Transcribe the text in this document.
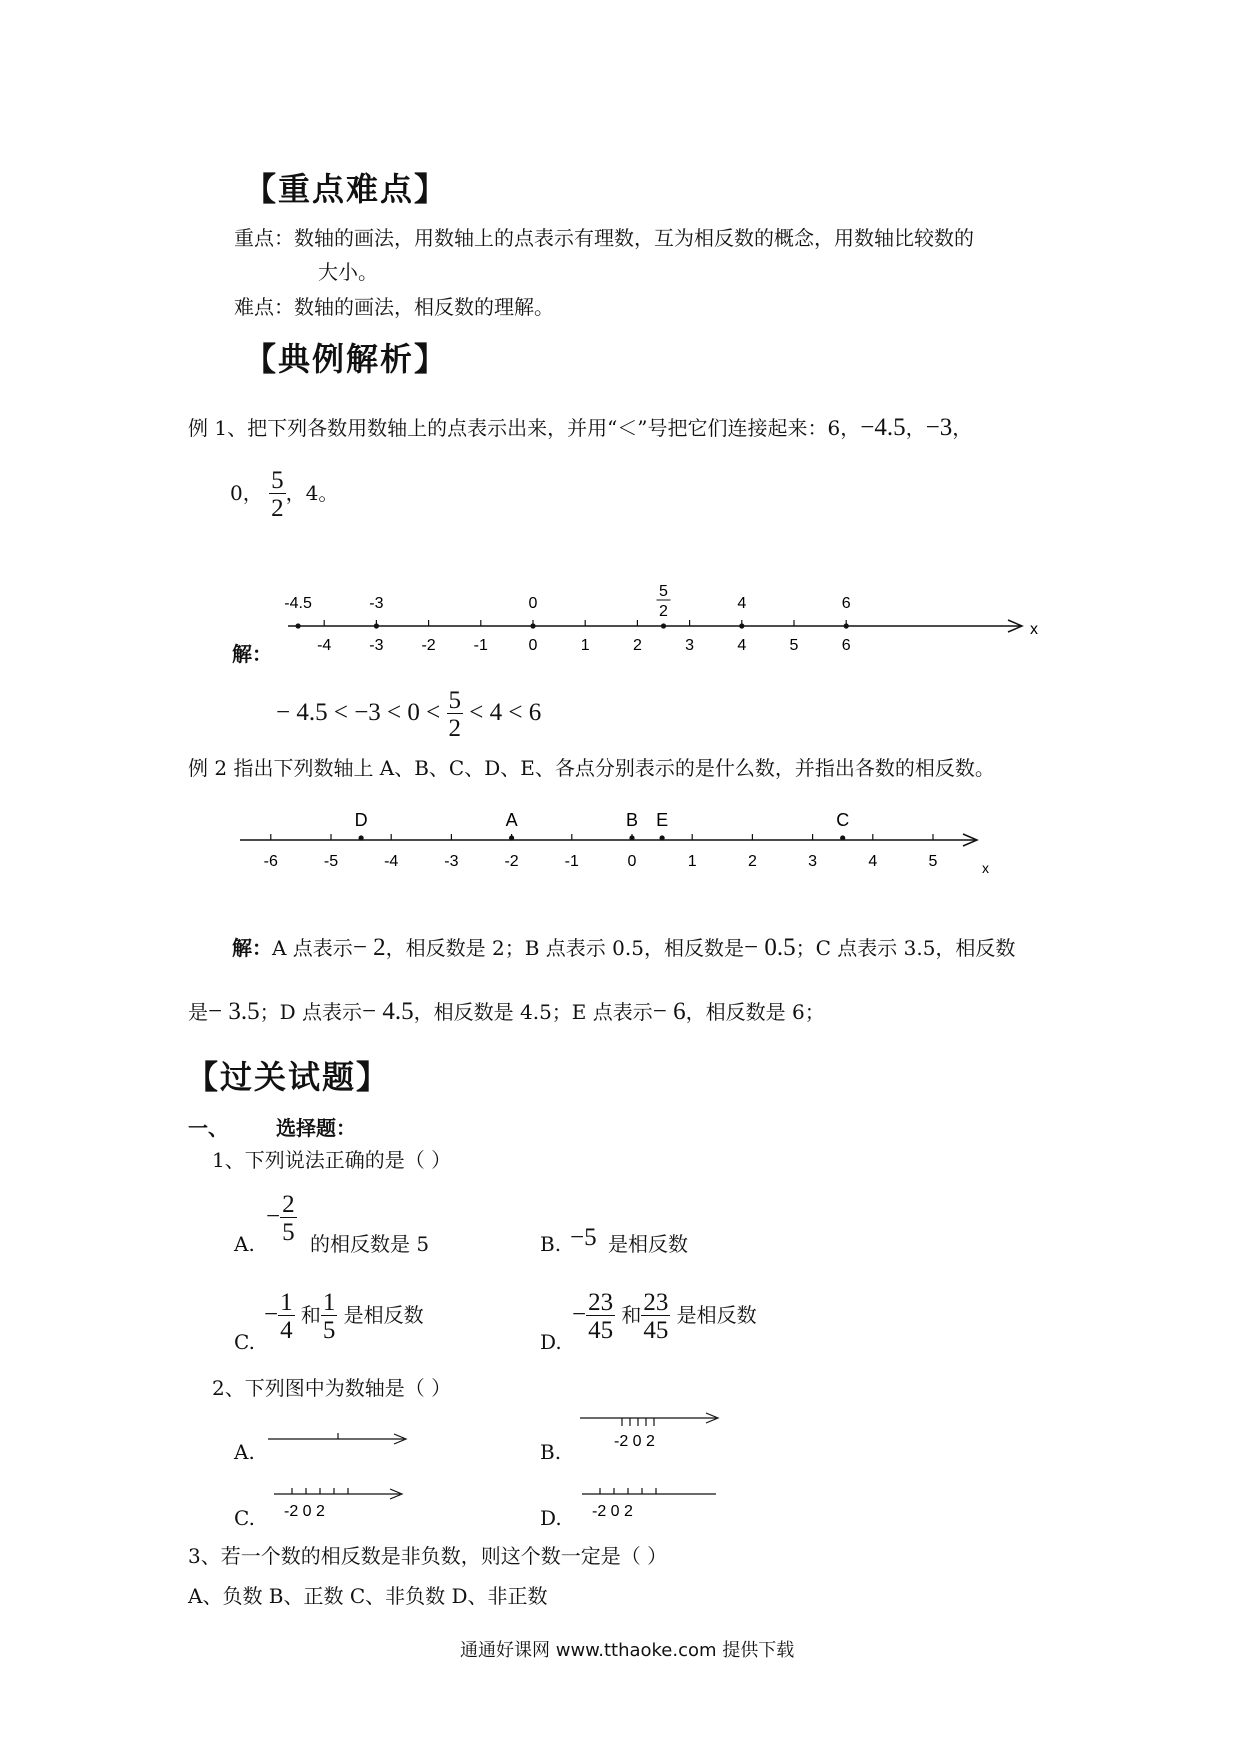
【重点难点】
重点：数轴的画法，用数轴上的点表示有理数，互为相反数的概念，用数轴比较数的
大小。
难点：数轴的画法，相反数的理解。
【典例解析】
例 1、把下列各数用数轴上的点表示出来，并用“＜”号把它们连接起来：6，−4.5，−3，
0， $\frac{5}{2}$ ，4。
x
-4 -3 -2 -1	0	1	2	3	4	5	6
-4.5	-3	0
5
2	4	6
解：
− $4.5 < -3 < 0 < \frac{5}{2} < 4 < 6$
例 2 指出下列数轴上 A、B、C、D、E、各点分别表示的是什么数，并指出各数的相反数。
x
-6	-5	-4	-3	-2	-1	0	1	2	3	4	5
D	A	B E	C
解：A 点表示− 2，相反数是 2；B 点表示 0.5，相反数是− 0.5；C 点表示 3.5，相反数
是− 3.5；D 点表示− 4.5，相反数是 4.5；E 点表示− 6，相反数是 6；
【过关试题】
一、 选择题：
1、下列说法正确的是（ ）
A.
− $\frac{2}{5}$ 的相反数是 5	B. −5 是相反数
C.
− $\frac{1}{4}$ 和 $\frac{1}{5}$ 是相反数
D.
− $\frac{23}{45}$ 和 $\frac{23}{45}$ 是相反数
2、下列图中为数轴是（ ）
A.	B.	-2 0 2
C. -2 0 2	D. -2 0 2
3、若一个数的相反数是非负数，则这个数一定是（ ）
A、负数 B、正数 C、非负数 D、非正数
通通好课网 www.tthaoke.com 提供下载
